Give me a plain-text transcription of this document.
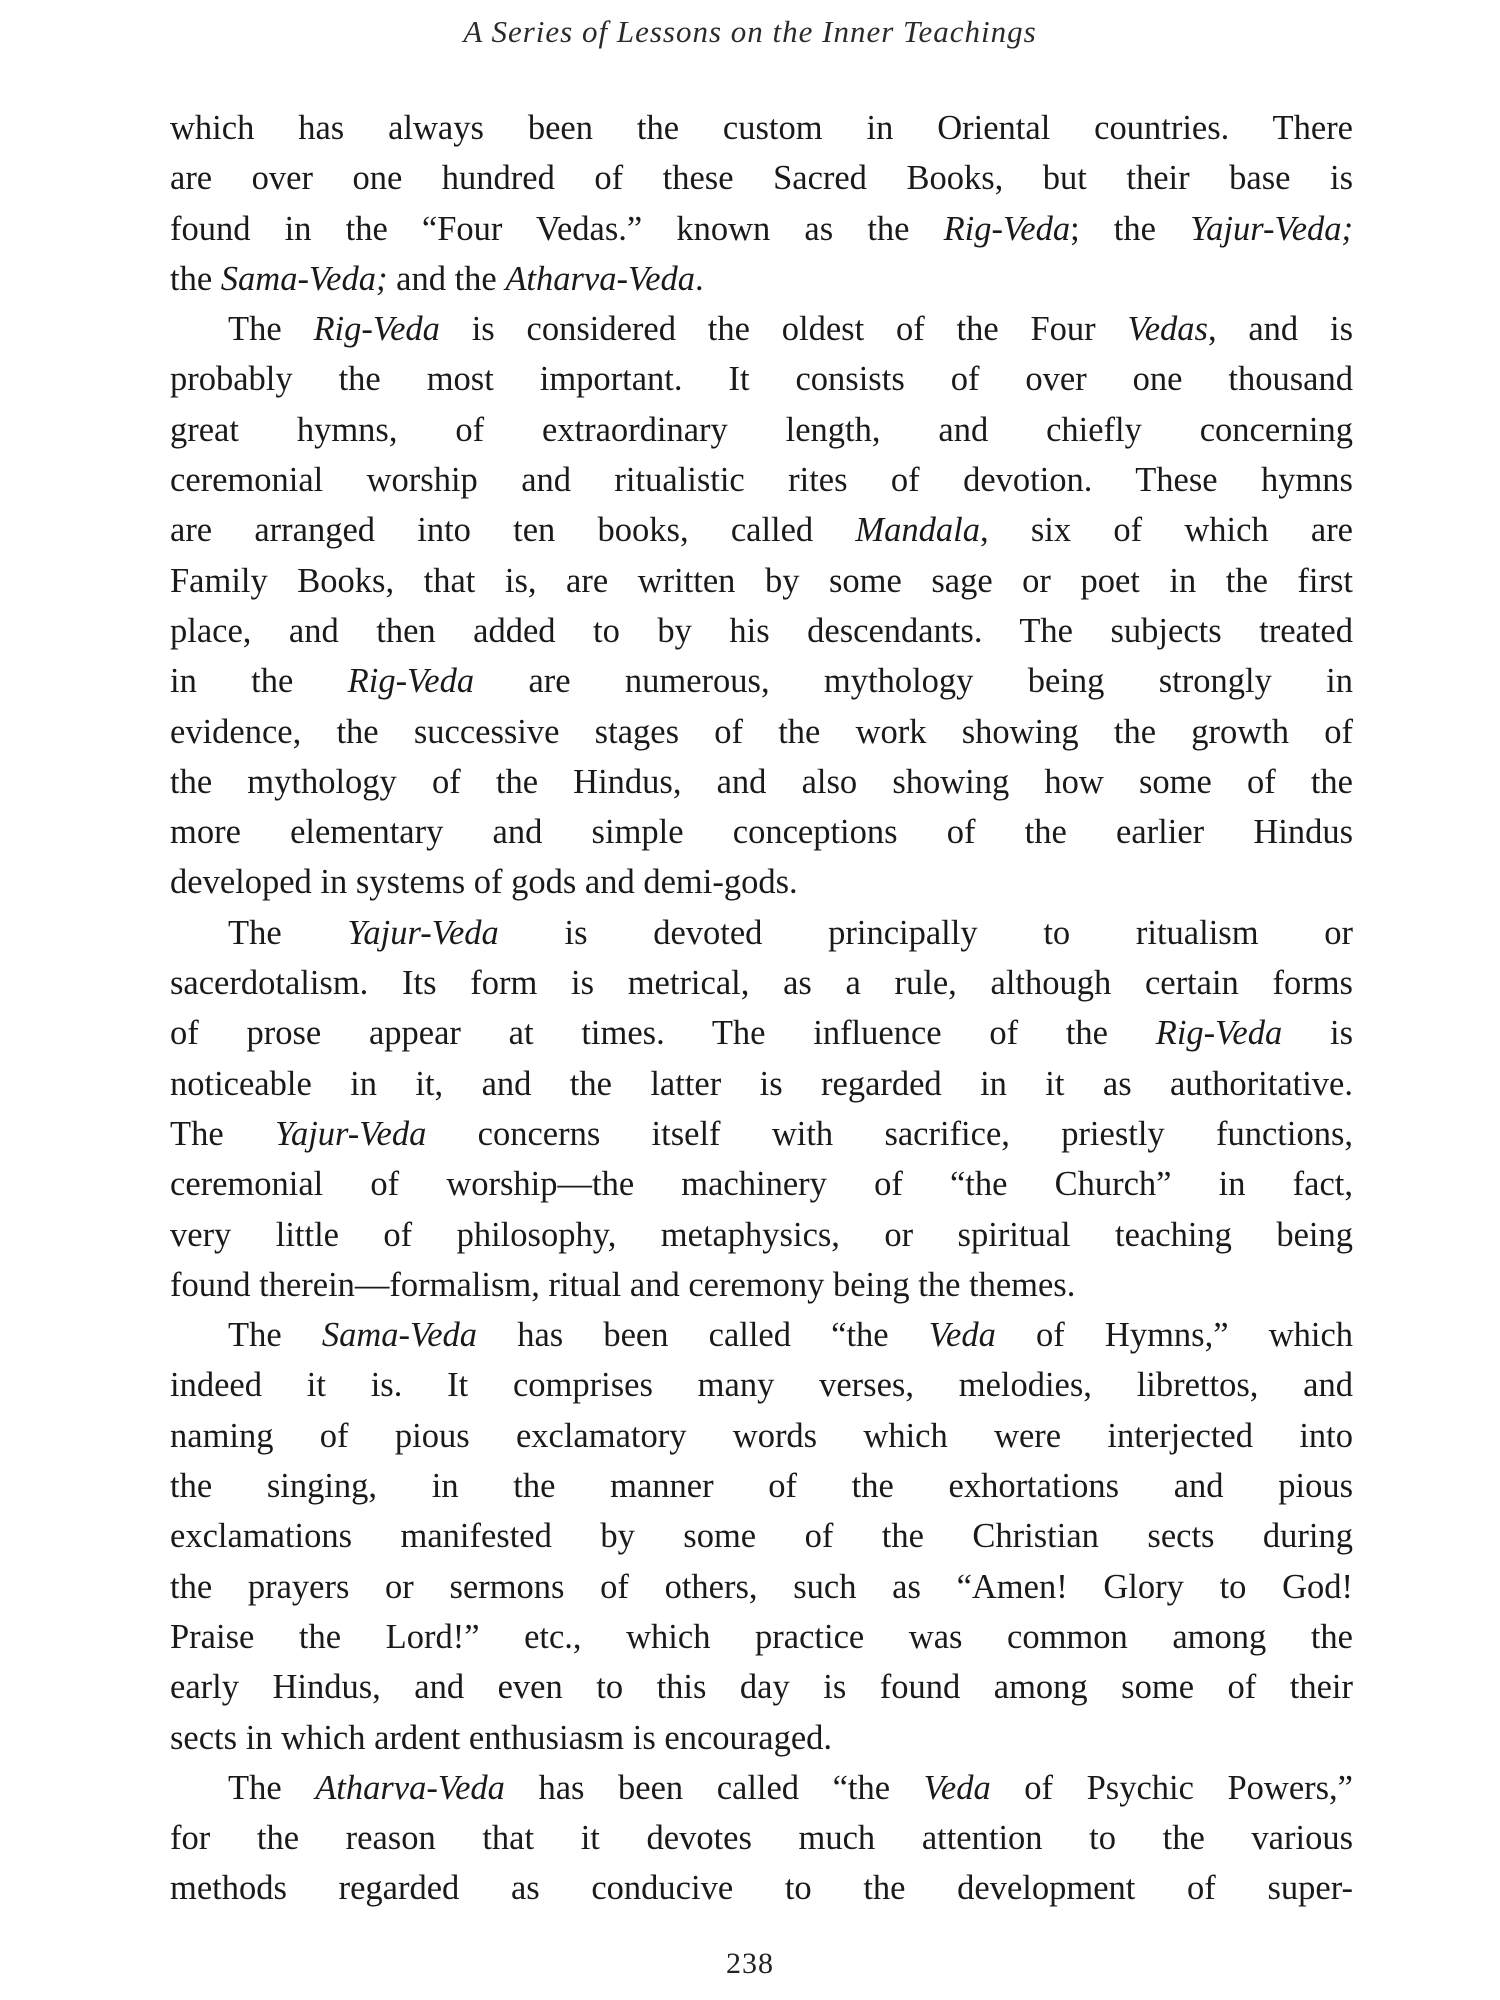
A Series of Lessons on the Inner Teachings

which has always been the custom in Oriental countries. There
are over one hundred of these Sacred Books, but their base is
found in the “Four Vedas.” known as the Rig-Veda; the Yajur-Veda;
the Sama-Veda; and the Atharva-Veda.

The Rig-Veda is considered the oldest of the Four Vedas, and is
probably the most important. It consists of over one thousand
great hymns, of extraordinary length, and chiefly concerning
ceremonial worship and ritualistic rites of devotion. These hymns
are arranged into ten books, called Mandala, six of which are
Family Books, that is, are written by some sage or poet in the first
place, and then added to by his descendants. The subjects treated
in the Rig-Veda are numerous, mythology being strongly in
evidence, the successive stages of the work showing the growth of
the mythology of the Hindus, and also showing how some of the
more elementary and simple conceptions of the earlier Hindus
developed in systems of gods and demi-gods.

The Yajur-Veda is devoted principally to ritualism or
sacerdotalism. Its form is metrical, as a rule, although certain forms
of prose appear at times. The influence of the Rig-Veda is
noticeable in it, and the latter is regarded in it as authoritative.
The Yajur-Veda concerns itself with sacrifice, priestly functions,
ceremonial of worship—the machinery of “the Church” in fact,
very little of philosophy, metaphysics, or spiritual teaching being
found therein—formalism, ritual and ceremony being the themes.

The Sama-Veda has been called “the Veda of Hymns,” which
indeed it is. It comprises many verses, melodies, librettos, and
naming of pious exclamatory words which were interjected into
the singing, in the manner of the exhortations and pious
exclamations manifested by some of the Christian sects during
the prayers or sermons of others, such as “Amen! Glory to God!
Praise the Lord!” etc., which practice was common among the
early Hindus, and even to this day is found among some of their
sects in which ardent enthusiasm is encouraged.

The Atharva-Veda has been called “the Veda of Psychic Powers,”
for the reason that it devotes much attention to the various
methods regarded as conducive to the development of super-

238
